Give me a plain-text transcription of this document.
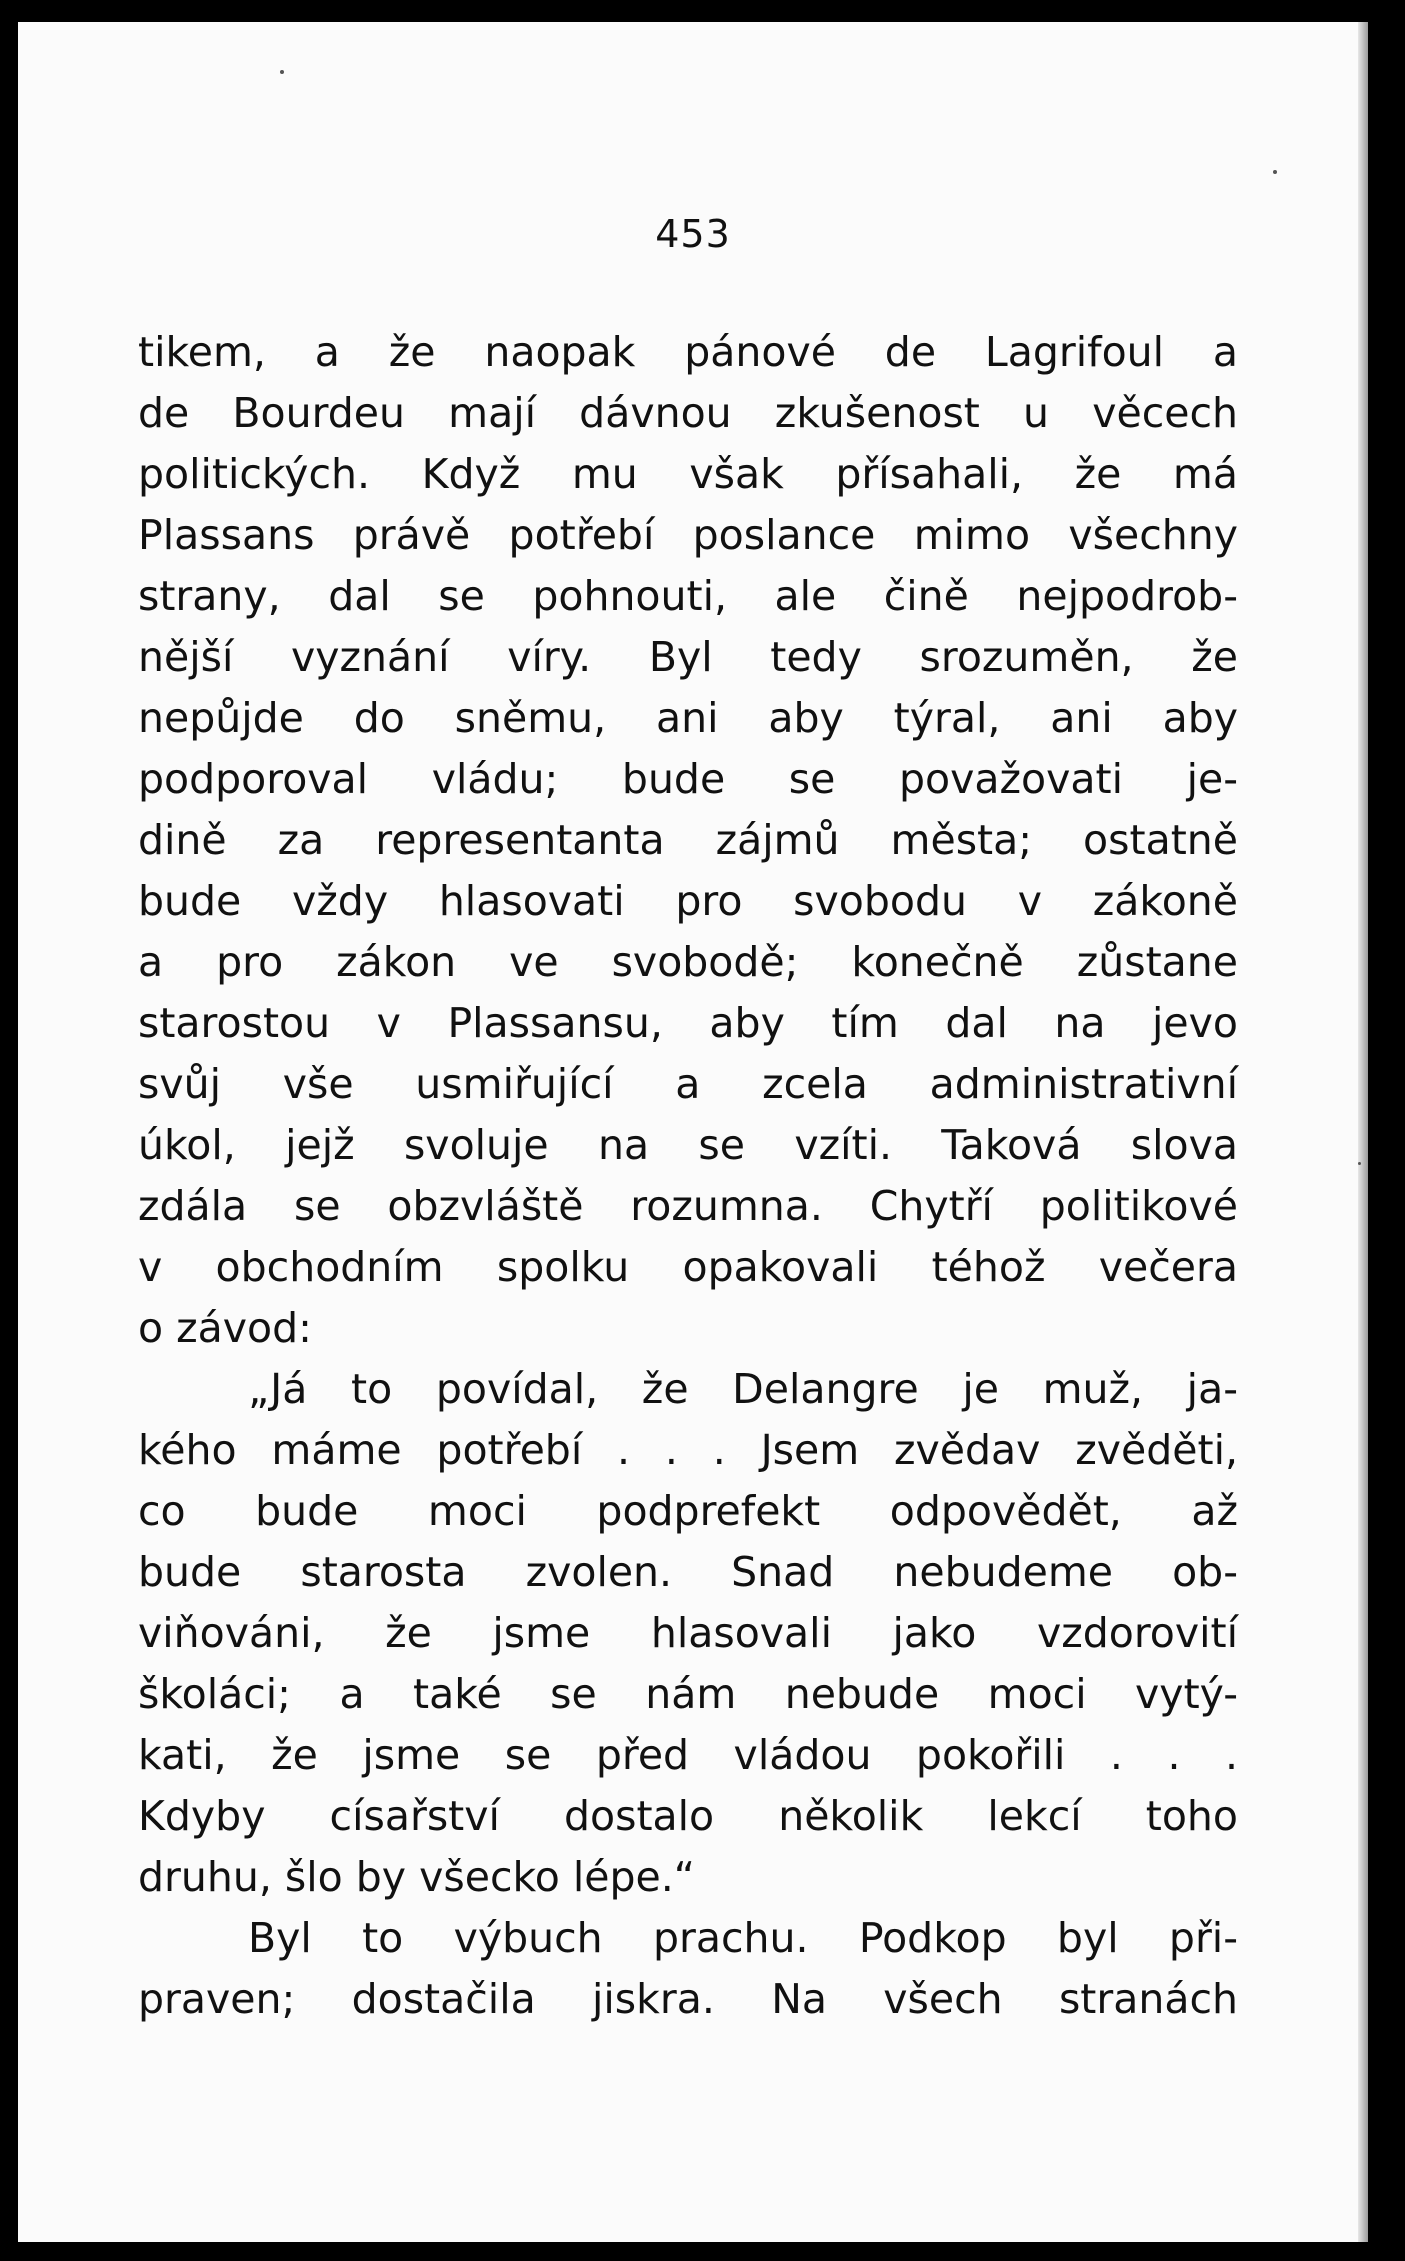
453
tikem, a že naopak pánové de Lagrifoul a
de Bourdeu mají dávnou zkušenost u věcech
politických. Když mu však přísahali, že má
Plassans právě potřebí poslance mimo všechny
strany, dal se pohnouti, ale čině nejpodrob-
nější vyznání víry. Byl tedy srozuměn, že
nepůjde do sněmu, ani aby týral, ani aby
podporoval vládu; bude se považovati je-
dině za representanta zájmů města; ostatně
bude vždy hlasovati pro svobodu v zákoně
a pro zákon ve svobodě; konečně zůstane
starostou v Plassansu, aby tím dal na jevo
svůj vše usmiřující a zcela administrativní
úkol, jejž svoluje na se vzíti. Taková slova
zdála se obzvláště rozumna. Chytří politikové
v obchodním spolku opakovali téhož večera
o závod:
„Já to povídal, že Delangre je muž, ja-
kého máme potřebí . . . Jsem zvědav zvěděti,
co bude moci podprefekt odpovědět, až
bude starosta zvolen. Snad nebudeme ob-
viňováni, že jsme hlasovali jako vzdorovití
školáci; a také se nám nebude moci vytý-
kati, že jsme se před vládou pokořili . . .
Kdyby císařství dostalo několik lekcí toho
druhu, šlo by všecko lépe.“
Byl to výbuch prachu. Podkop byl při-
praven; dostačila jiskra. Na všech stranách
